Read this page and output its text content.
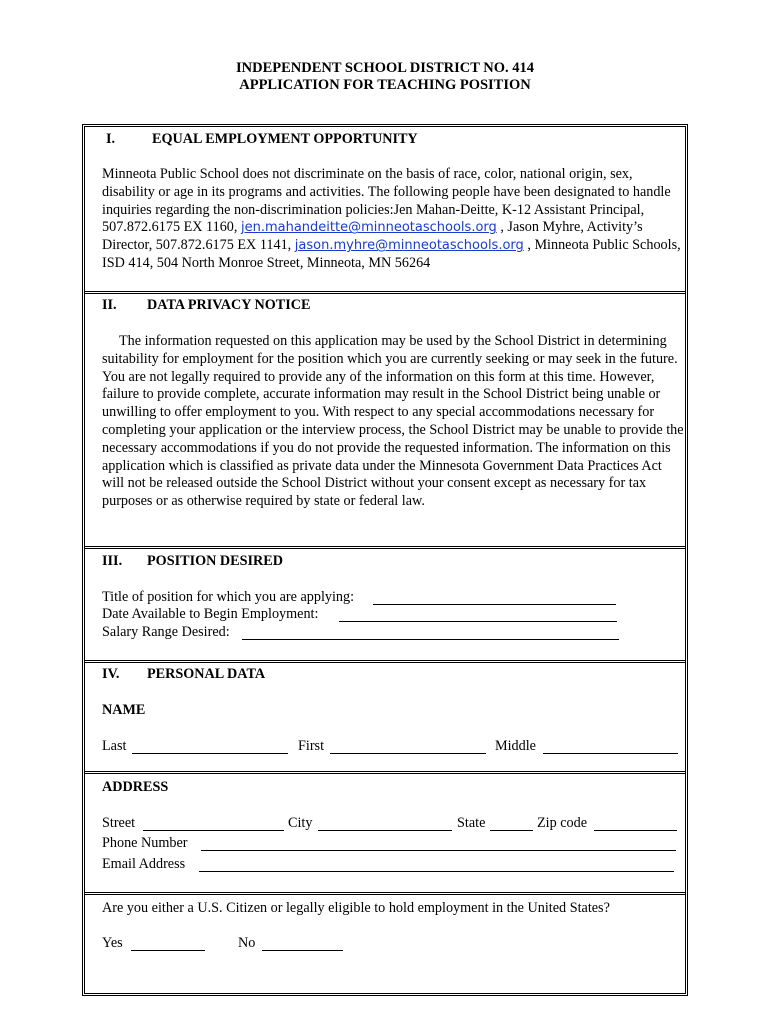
INDEPENDENT SCHOOL DISTRICT NO. 414
APPLICATION FOR TEACHING POSITION
I.	EQUAL EMPLOYMENT OPPORTUNITY

Minneota Public School does not discriminate on the basis of race, color, national origin, sex, disability or age in its programs and activities. The following people have been designated to handle inquiries regarding the non-discrimination policies:Jen Mahan-Deitte, K-12 Assistant Principal, 507.872.6175 EX 1160, jen.mahandeitte@minneotaschools.org , Jason Myhre, Activity’s Director, 507.872.6175 EX 1141, jason.myhre@minneotaschools.org , Minneota Public Schools, ISD 414, 504 North Monroe Street, Minneota, MN 56264

II. DATA PRIVACY NOTICE

The information requested on this application may be used by the School District in determining suitability for employment for the position which you are currently seeking or may seek in the future. You are not legally required to provide any of the information on this form at this time. However, failure to provide complete, accurate information may result in the School District being unable or unwilling to offer employment to you. With respect to any special accommodations necessary for completing your application or the interview process, the School District may be unable to provide the necessary accommodations if you do not provide the requested information. The information on this application which is classified as private data under the Minnesota Government Data Practices Act will not be released outside the School District without your consent except as necessary for tax purposes or as otherwise required by state or federal law.

III. POSITION DESIRED
Title of position for which you are applying:
Date Available to Begin Employment:
Salary Range Desired:
IV. PERSONAL DATA
NAME
Last	First	Middle
ADDRESS
Street	City	State	Zip code
Phone Number
Email Address
Are you either a U.S. Citizen or legally eligible to hold employment in the United States?
Yes	No
